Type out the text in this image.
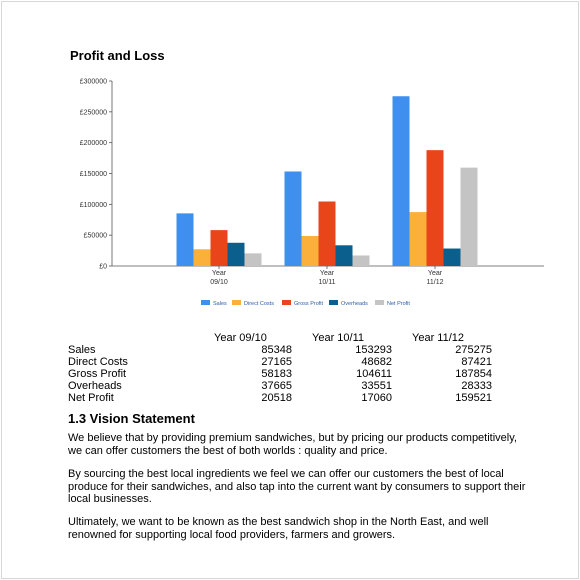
Profit and Loss
£0
£50000
£100000
£150000
£200000
£250000
£300000
Year
09/10
Year
10/11
Year
11/12
Sales	Direct Costs	Gross Profit	Overheads	Net Profit
	Year 09/10	Year 10/11	Year 11/12
Sales	85348	153293	275275
Direct Costs	27165	48682	87421
Gross Profit	58183	104611	187854
Overheads	37665	33551	28333
Net Profit	20518	17060	159521
1.3 Vision Statement

We believe that by providing premium sandwiches, but by pricing our products competitively, we can offer customers the best of both worlds : quality and price.

By sourcing the best local ingredients we feel we can offer our customers the best of local produce for their sandwiches, and also tap into the current want by consumers to support their local businesses.

Ultimately, we want to be known as the best sandwich shop in the North East, and well renowned for supporting local food providers, farmers and growers.
